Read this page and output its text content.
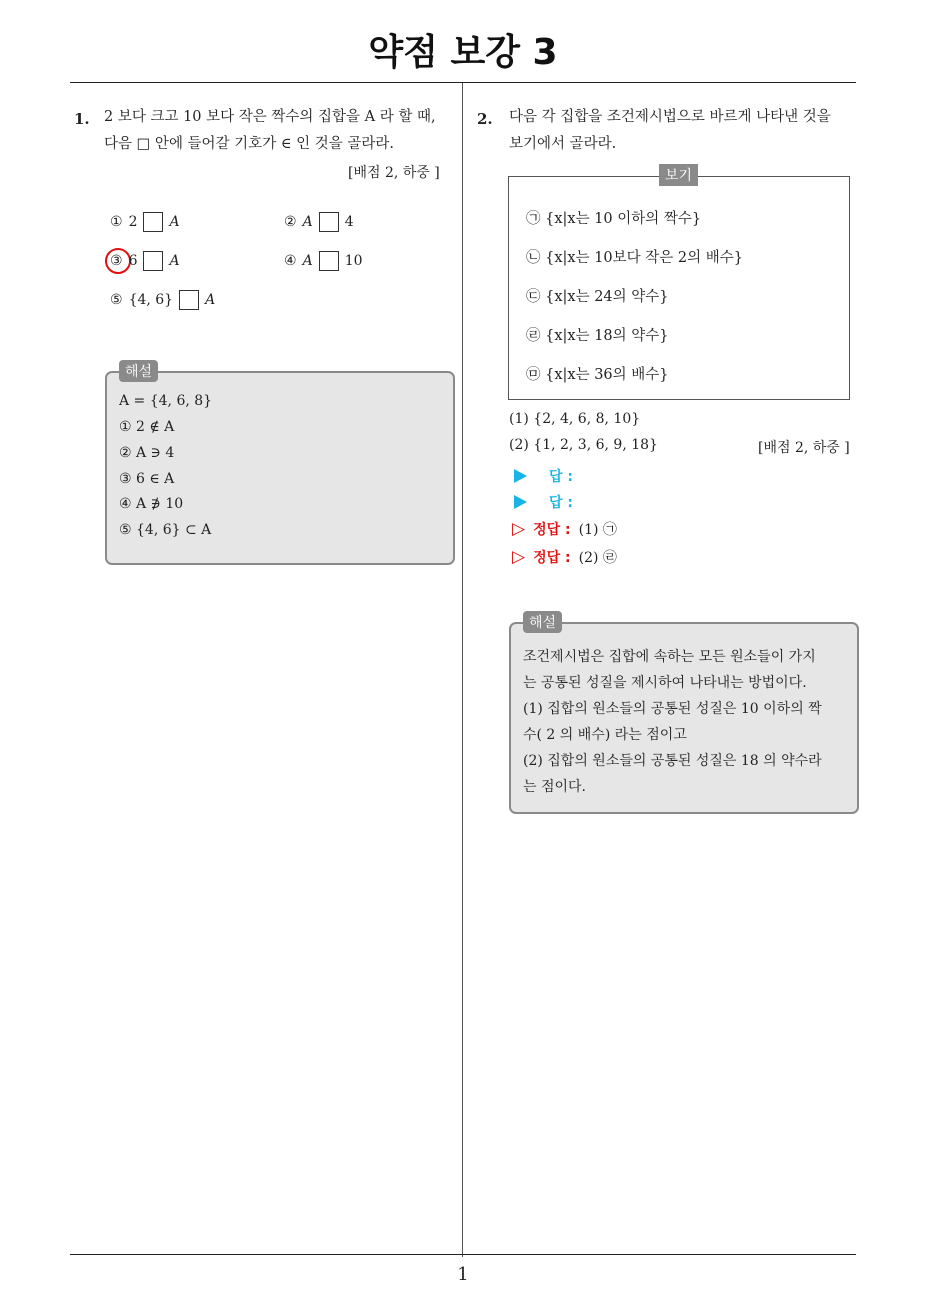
약점 보강 3
1. 2 보다 크고 10 보다 작은 짝수의 집합을 A 라 할 때,
다음 □ 안에 들어갈 기호가 ∈ 인 것을 골라라.
[배점 2, 하중 ]
① 2 A	② A 4
③ 6 A	④ A 10
⑤ {4, 6} A
A = {4, 6, 8}
① 2 ∉ A
② A ∋ 4
③ 6 ∈ A
④ A ∌ 10
⑤ {4, 6} ⊂ A
해설
2. 다음 각 집합을 조건제시법으로 바르게 나타낸 것을
보기에서 골라라.
㉠ {x|x는 10 이하의 짝수}
㉡ {x|x는 10보다 작은 2의 배수}
㉢ {x|x는 24의 약수}
㉣ {x|x는 18의 약수}
㉤ {x|x는 36의 배수}
보기
(1) {2, 4, 6, 8, 10}
(2) {1, 2, 3, 6, 9, 18}	[배점 2, 하중 ]
답 :
답 :
▷ 정답 : (1) ㉠
▷ 정답 : (2) ㉣
조건제시법은 집합에 속하는 모든 원소들이 가지
는 공통된 성질을 제시하여 나타내는 방법이다.
(1) 집합의 원소들의 공통된 성질은 10 이하의 짝
수( 2 의 배수) 라는 점이고
(2) 집합의 원소들의 공통된 성질은 18 의 약수라
는 점이다.
해설
1
